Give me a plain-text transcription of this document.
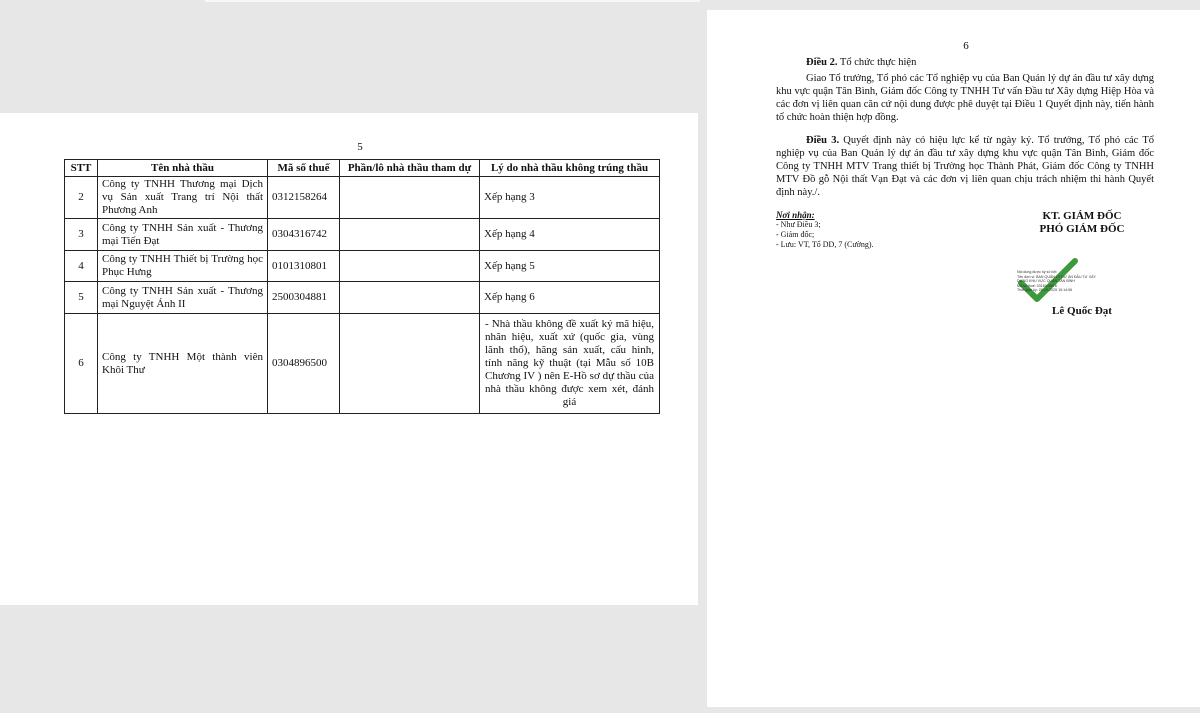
5
STT	Tên nhà thầu	Mã số thuế	Phần/lô nhà thầu tham dự	Lý do nhà thầu không trúng thầu
2	Công ty TNHH Thương mại Dịch vụ Sản xuất Trang trí Nội thất Phương Anh	0312158264		Xếp hạng 3
3	Công ty TNHH Sản xuất - Thương mại Tiến Đạt	0304316742		Xếp hạng 4
4	Công ty TNHH Thiết bị Trường học Phục Hưng	0101310801		Xếp hạng 5
5	Công ty TNHH Sản xuất - Thương mại Nguyệt Ánh II	2500304881		Xếp hạng 6
6	Công ty TNHH Một thành viên Khôi Thư	0304896500		- Nhà thầu không đề xuất ký mã hiệu, nhãn hiệu, xuất xứ (quốc gia, vùng lãnh thổ), hãng sản xuất, cấu hình, tính năng kỹ thuật (tại Mẫu số 10B Chương IV ) nên E-Hồ sơ dự thầu của nhà thầu không được xem xét, đánh giá
6
Điều 2. Tổ chức thực hiện
Giao Tổ trưởng, Tổ phó các Tổ nghiệp vụ của Ban Quản lý dự án đầu tư xây dựng khu vực quận Tân Bình, Giám đốc Công ty TNHH Tư vấn Đầu tư Xây dựng Hiệp Hòa và các đơn vị liên quan căn cứ nội dung được phê duyệt tại Điều 1 Quyết định này, tiến hành tổ chức hoàn thiện hợp đồng.
Điều 3. Quyết định này có hiệu lực kể từ ngày ký. Tổ trưởng, Tổ phó các Tổ nghiệp vụ của Ban Quản lý dự án đầu tư xây dựng khu vực quận Tân Bình, Giám đốc Công ty TNHH MTV Trang thiết bị Trường học Thành Phát, Giám đốc Công ty TNHH MTV Đồ gỗ Nội thất Vạn Đạt và các đơn vị liên quan chịu trách nhiệm thi hành Quyết định này./.
Nơi nhận:
- Như Điều 3;
- Giám đốc;
- Lưu: VT, Tổ DD, 7 (Cường).
KT. GIÁM ĐỐC
PHÓ GIÁM ĐỐC
Nội dung được ký số bởi
Tên đơn vị: BAN QUẢN LÝ DỰ ÁN ĐẦU TƯ XÂY
DỰNG KHU VỰC QUẬN TÂN BÌNH
Mã số thuế: 0316006878
Thời gian ký: 28-10-2025 15:14:56
Lê Quốc Đạt
